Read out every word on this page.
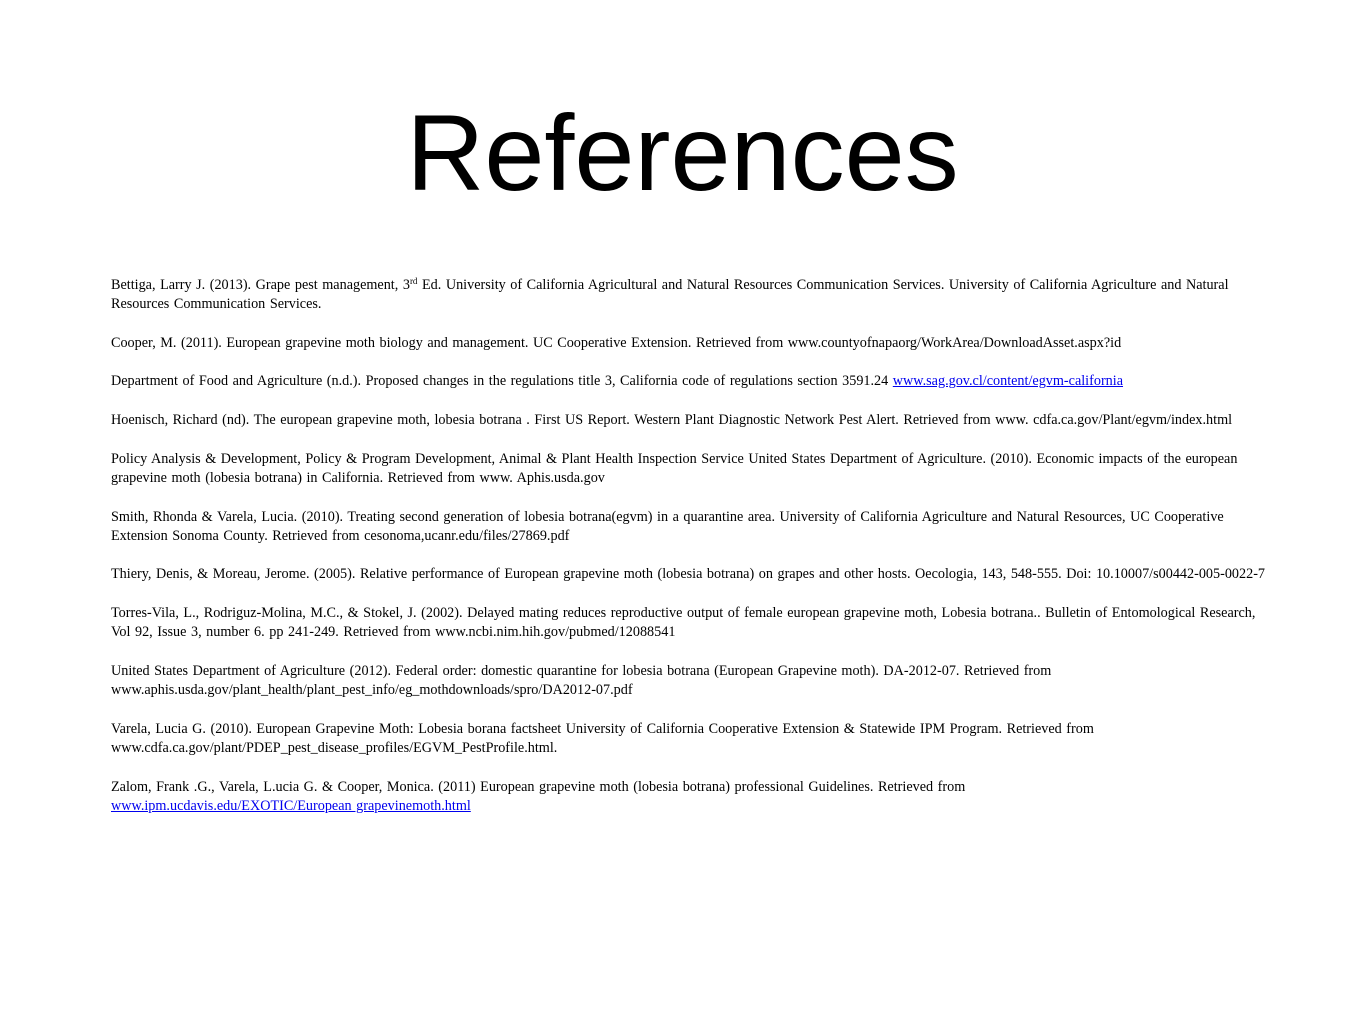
References

Bettiga, Larry J. (2013). Grape pest management, 3rd Ed. University of California Agricultural and Natural Resources Communication Services. University of California Agriculture and Natural Resources Communication Services.

Cooper, M. (2011). European grapevine moth biology and management. UC Cooperative Extension. Retrieved from www.countyofnapaorg/WorkArea/DownloadAsset.aspx?id

Department of Food and Agriculture (n.d.). Proposed changes in the regulations title 3, California code of regulations section 3591.24 www.sag.gov.cl/content/egvm-california

Hoenisch, Richard (nd). The european grapevine moth, lobesia botrana . First US Report. Western Plant Diagnostic Network Pest Alert. Retrieved from www. cdfa.ca.gov/Plant/egvm/index.html

Policy Analysis & Development, Policy & Program Development, Animal & Plant Health Inspection Service United States Department of Agriculture. (2010). Economic impacts of the european grapevine moth (lobesia botrana) in California. Retrieved from www. Aphis.usda.gov

Smith, Rhonda & Varela, Lucia. (2010). Treating second generation of lobesia botrana(egvm) in a quarantine area. University of California Agriculture and Natural Resources, UC Cooperative Extension Sonoma County. Retrieved from cesonoma,ucanr.edu/files/27869.pdf

Thiery, Denis, & Moreau, Jerome. (2005). Relative performance of European grapevine moth (lobesia botrana) on grapes and other hosts. Oecologia, 143, 548-555. Doi: 10.10007/s00442-005-0022-7

Torres-Vila, L., Rodriguz-Molina, M.C., & Stokel, J. (2002). Delayed mating reduces reproductive output of female european grapevine moth, Lobesia botrana.. Bulletin of Entomological Research, Vol 92, Issue 3, number 6. pp 241-249. Retrieved from www.ncbi.nim.hih.gov/pubmed/12088541

United States Department of Agriculture (2012). Federal order: domestic quarantine for lobesia botrana (European Grapevine moth). DA-2012-07. Retrieved from www.aphis.usda.gov/plant_health/plant_pest_info/eg_mothdownloads/spro/DA2012-07.pdf

Varela, Lucia G. (2010). European Grapevine Moth: Lobesia borana factsheet University of California Cooperative Extension & Statewide IPM Program. Retrieved from www.cdfa.ca.gov/plant/PDEP_pest_disease_profiles/EGVM_PestProfile.html.

Zalom, Frank .G., Varela, L.ucia G. & Cooper, Monica. (2011) European grapevine moth (lobesia botrana) professional Guidelines. Retrieved from
www.ipm.ucdavis.edu/EXOTIC/European grapevinemoth.html
